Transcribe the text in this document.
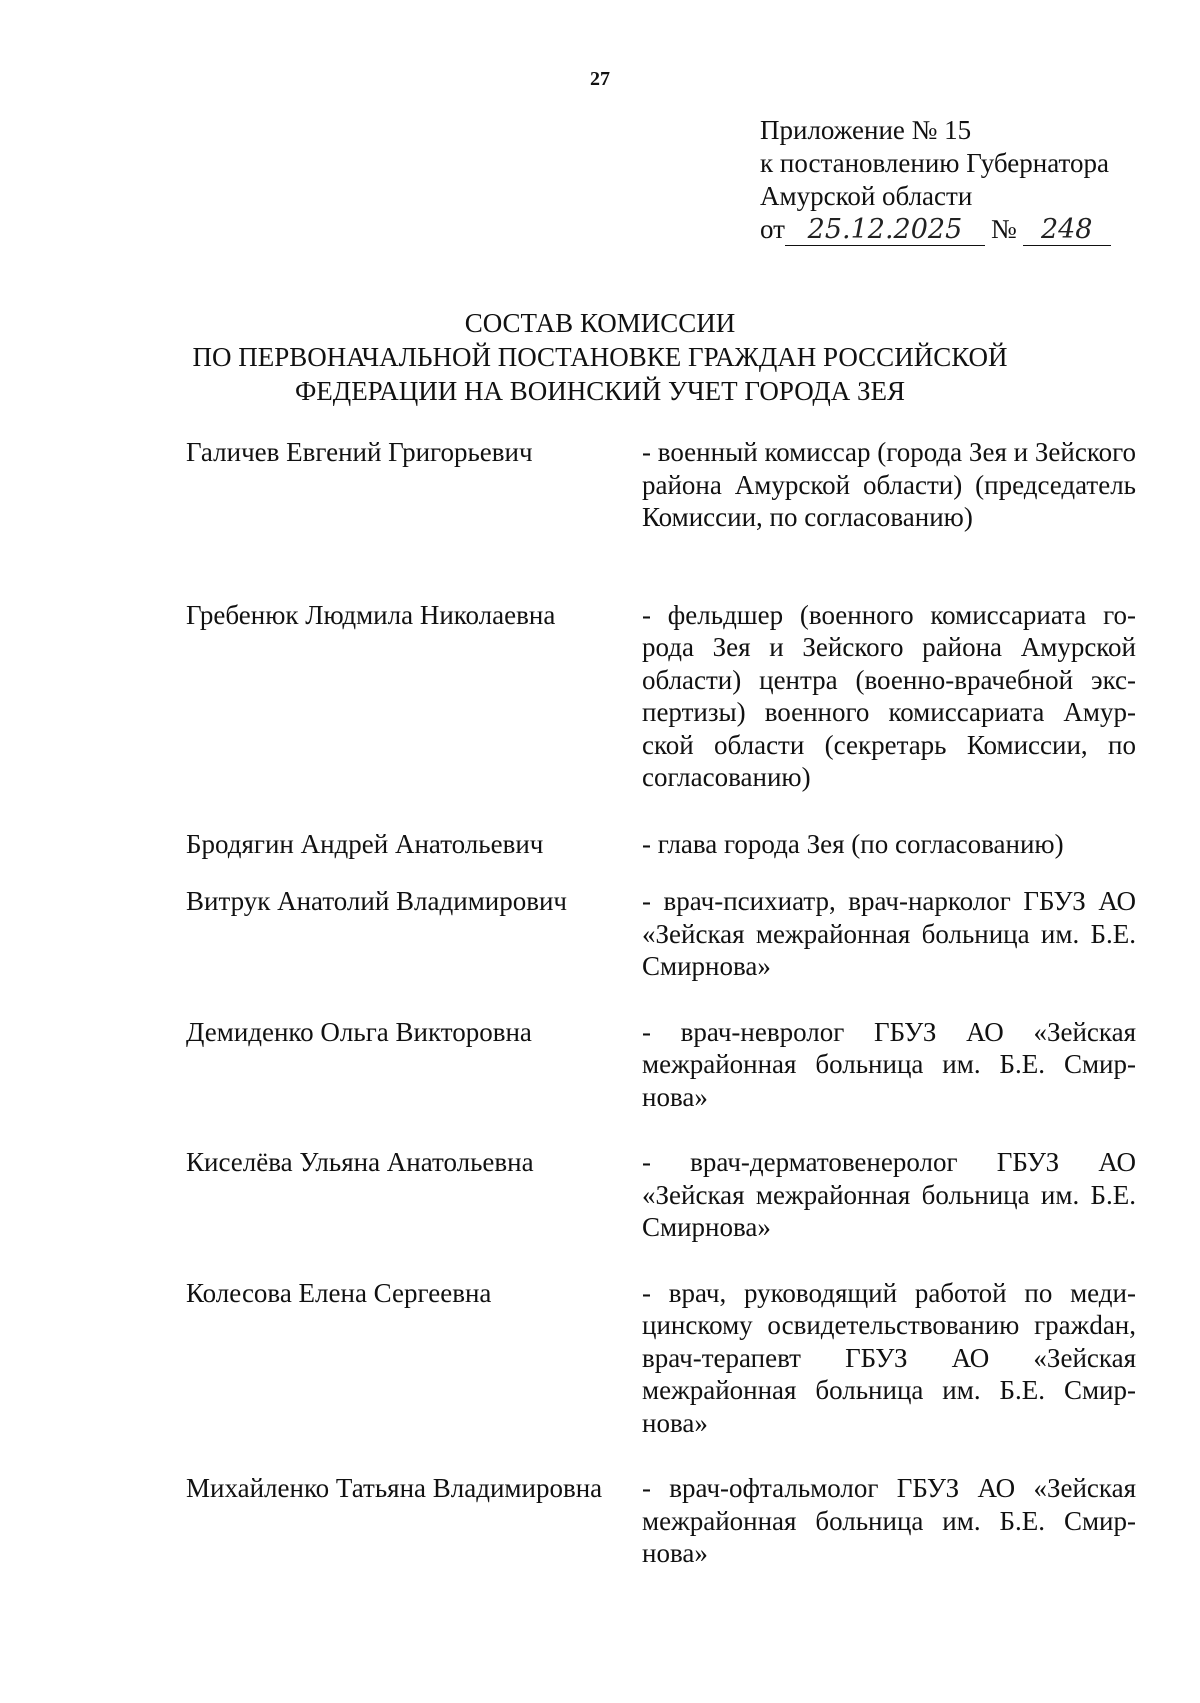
27
Приложение № 15
к постановлению Губернатора
Амурской области
от 25.12.2025	№ 248
СОСТАВ КОМИССИИ
ПО ПЕРВОНАЧАЛЬНОЙ ПОСТАНОВКЕ ГРАЖДАН РОССИЙСКОЙ
ФЕДЕРАЦИИ НА ВОИНСКИЙ УЧЕТ ГОРОДА ЗЕЯ
Галичев Евгений Григорьевич	- военный комиссар (города Зея и Зейского района Амурской области) (председатель Комиссии, по согласованию)
Гребенюк Людмила Николаевна	- фельдшер (военного комиссариата города Зея и Зейского района Амурской области) центра (военно-врачебной экспертизы) военного комиссариата Амурской области (секретарь Комиссии, по согласованию)
Бродягин Андрей Анатольевич	- глава города Зея (по согласованию)
Витрук Анатолий Владимирович	- врач-психиатр, врач-нарколог ГБУЗ АО «Зейская межрайонная больница им. Б.Е. Смирнова»
Демиденко Ольга Викторовна	- врач-невролог ГБУЗ АО «Зейская межрайонная больница им. Б.Е. Смирнова»
Киселёва Ульяна Анатольевна	- врач-дерматовенеролог ГБУЗ АО «Зейская межрайонная больница им. Б.Е. Смирнова»
Колесова Елена Сергеевна	- врач, руководящий работой по медицинскому освидетельствованию гражdан, врач-терапевт ГБУЗ АО «Зейская межрайонная больница им. Б.Е. Смирнова»
Михайленко Татьяна Владимировна	- врач-офтальмолог ГБУЗ АО «Зейская межрайонная больница им. Б.Е. Смирнова»
